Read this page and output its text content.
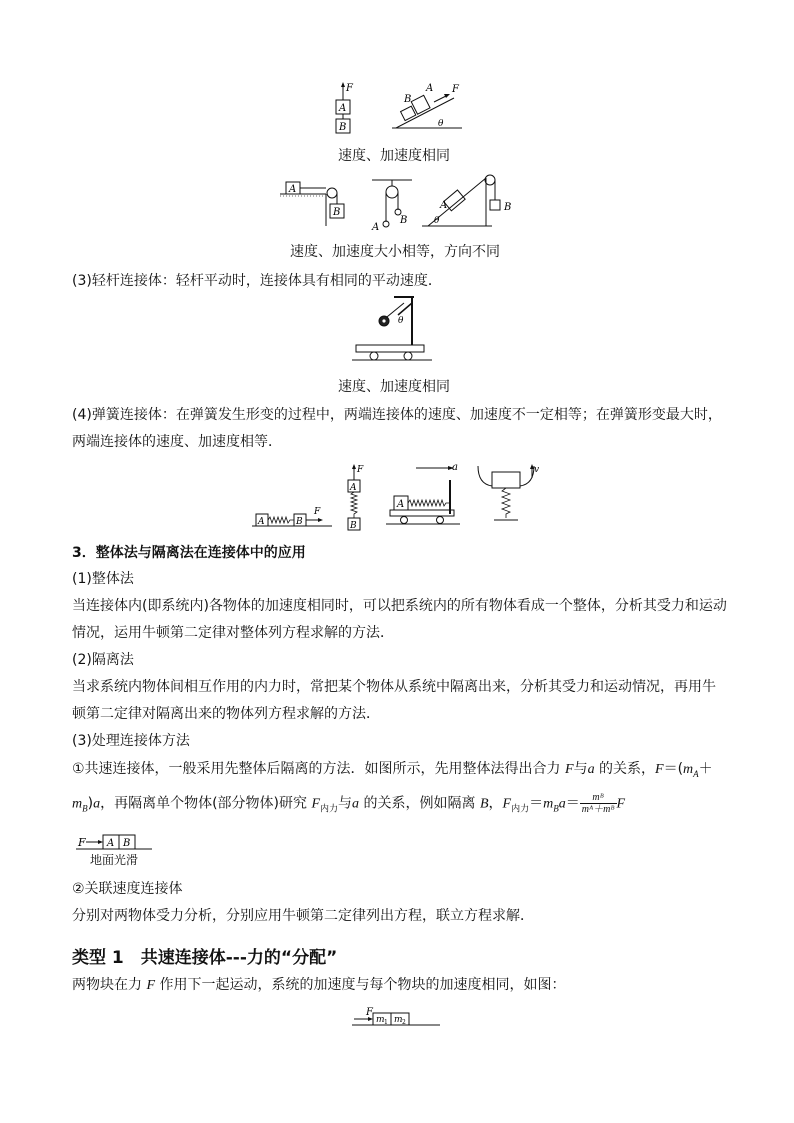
F
A
B
B
A F
θ
速度、加速度相同
A
B
A
B
A	B
θ
速度、加速度大小相等，方向不同
(3)轻杆连接体：轻杆平动时，连接体具有相同的平动速度．
θ
速度、加速度相同
(4)弹簧连接体：在弹簧发生形变的过程中，两端连接体的速度、加速度不一定相等；在弹簧形变最大时，
两端连接体的速度、加速度相等．
A	B
F
F
A
B
a
A
v
3．整体法与隔离法在连接体中的应用
(1)整体法
当连接体内(即系统内)各物体的加速度相同时，可以把系统内的所有物体看成一个整体，分析其受力和运动
情况，运用牛顿第二定律对整体列方程求解的方法．
(2)隔离法
当求系统内物体间相互作用的内力时，常把某个物体从系统中隔离出来，分析其受力和运动情况，再用牛
顿第二定律对隔离出来的物体列方程求解的方法．
(3)处理连接体方法
①共速连接体，一般采用先整体后隔离的方法．如图所示，先用整体法得出合力 F与a 的关系，$F=(m_A+$
$m_B)a$，再隔离单个物体(部分物体)研究 $F_{内力}$与a 的关系，例如隔离 B，$F_{内力}=m_Ba= \frac{\text{mᴮ}}{\text{mᴬ＋mᴮ}}$ F
F A B
地面光滑
②关联速度连接体
分别对两物体受力分析，分别应用牛顿第二定律列出方程，联立方程求解．
类型 1　共速连接体---力的“分配”
两物块在力 F 作用下一起运动，系统的加速度与每个物块的加速度相同，如图：
F
m 1 m 2
